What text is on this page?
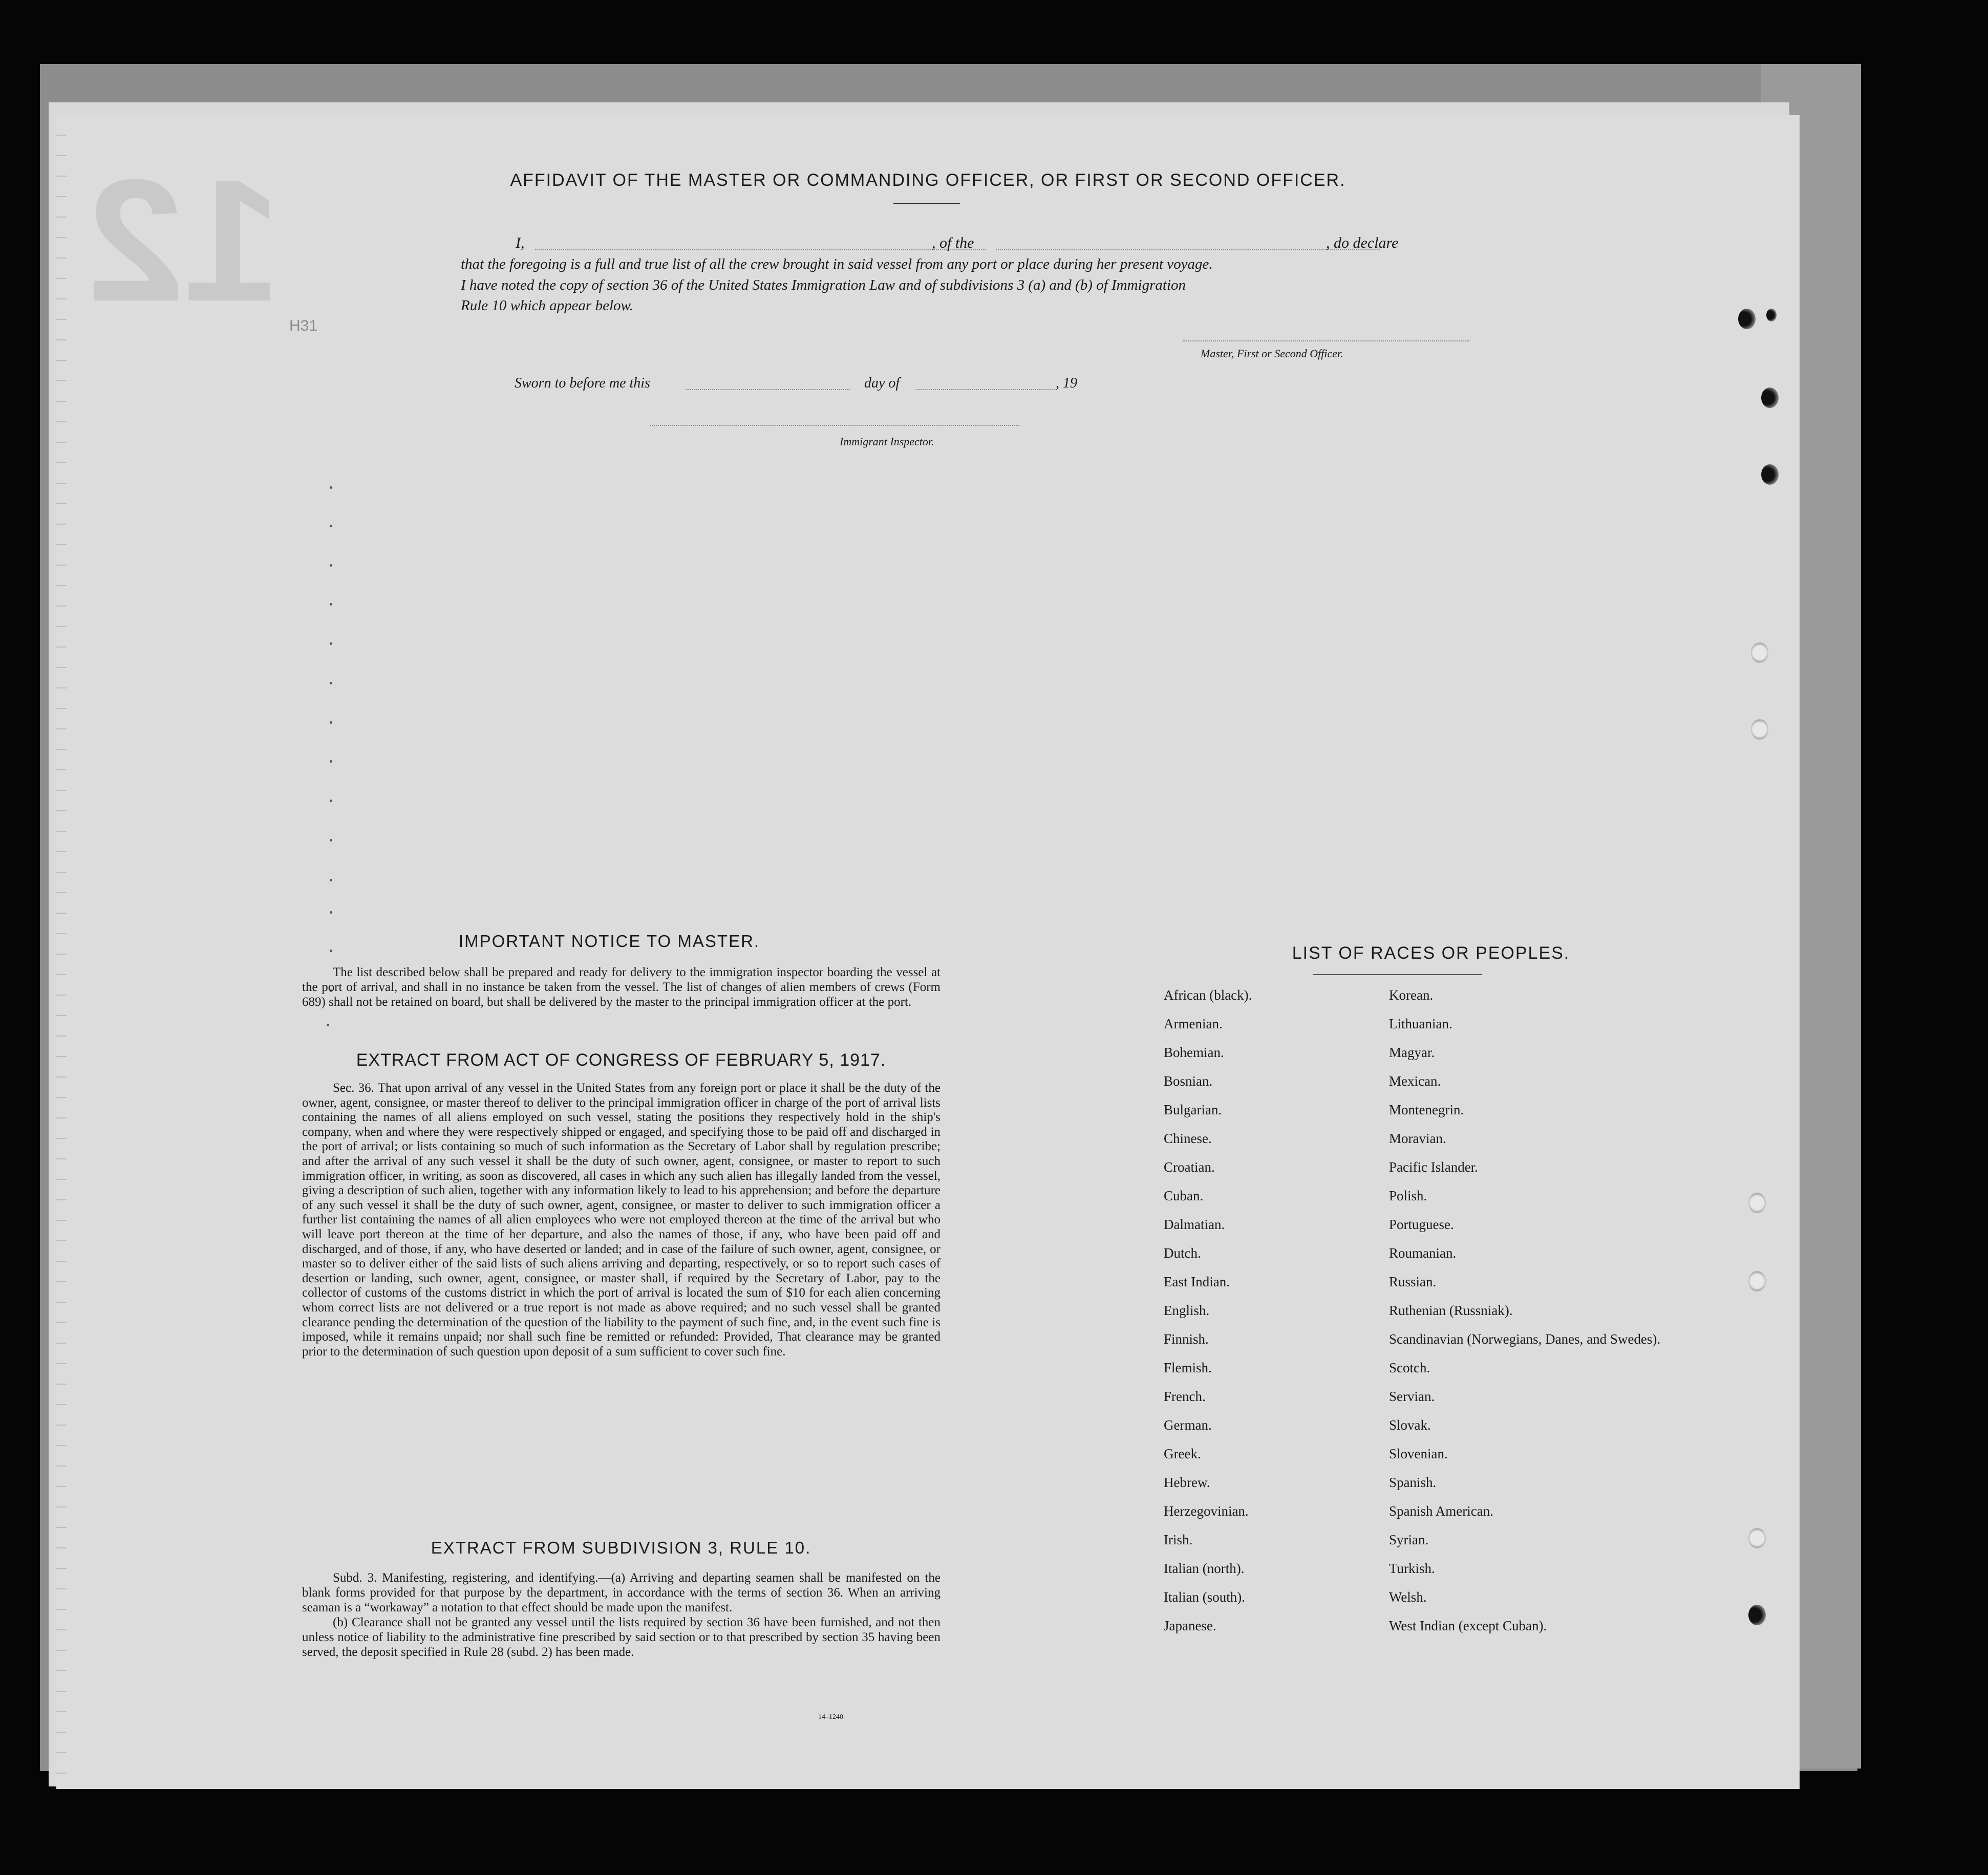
12 H31
AFFIDAVIT OF THE MASTER OR COMMANDING OFFICER, OR FIRST OR SECOND OFFICER.
I,	, of the	, do declare
that the foregoing is a full and true list of all the crew brought in said vessel from any port or place during her present voyage.
I have noted the copy of section 36 of the United States Immigration Law and of subdivisions 3 (a) and (b) of Immigration
Rule 10 which appear below.
Master, First or Second Officer.
Sworn to before me this	day of	, 19
Immigrant Inspector.
IMPORTANT NOTICE TO MASTER.

The list described below shall be prepared and ready for delivery to the immigration inspector boarding the vessel at the port of arrival, and shall in no instance be taken from the vessel. The list of changes of alien members of crews (Form 689) shall not be retained on board, but shall be delivered by the master to the principal immigration officer at the port.

EXTRACT FROM ACT OF CONGRESS OF FEBRUARY 5, 1917.

Sec. 36. That upon arrival of any vessel in the United States from any foreign port or place it shall be the duty of the owner, agent, consignee, or master thereof to deliver to the principal immigration officer in charge of the port of arrival lists containing the names of all aliens employed on such vessel, stating the positions they respectively hold in the ship's company, when and where they were respectively shipped or engaged, and specifying those to be paid off and discharged in the port of arrival; or lists containing so much of such information as the Secretary of Labor shall by regulation prescribe; and after the arrival of any such vessel it shall be the duty of such owner, agent, consignee, or master to report to such immigration officer, in writing, as soon as discovered, all cases in which any such alien has illegally landed from the vessel, giving a description of such alien, together with any information likely to lead to his apprehension; and before the departure of any such vessel it shall be the duty of such owner, agent, consignee, or master to deliver to such immigration officer a further list containing the names of all alien employees who were not employed thereon at the time of the arrival but who will leave port thereon at the time of her departure, and also the names of those, if any, who have been paid off and discharged, and of those, if any, who have deserted or landed; and in case of the failure of such owner, agent, consignee, or master so to deliver either of the said lists of such aliens arriving and departing, respectively, or so to report such cases of desertion or landing, such owner, agent, consignee, or master shall, if required by the Secretary of Labor, pay to the collector of customs of the customs district in which the port of arrival is located the sum of $10 for each alien concerning whom correct lists are not delivered or a true report is not made as above required; and no such vessel shall be granted clearance pending the determination of the question of the liability to the payment of such fine, and, in the event such fine is imposed, while it remains unpaid; nor shall such fine be remitted or refunded: Provided, That clearance may be granted prior to the determination of such question upon deposit of a sum sufficient to cover such fine.

EXTRACT FROM SUBDIVISION 3, RULE 10.

Subd. 3. Manifesting, registering, and identifying.—(a) Arriving and departing seamen shall be manifested on the blank forms provided for that purpose by the department, in accordance with the terms of section 36. When an arriving seaman is a “workaway” a notation to that effect should be made upon the manifest.

(b) Clearance shall not be granted any vessel until the lists required by section 36 have been furnished, and not then unless notice of liability to the administrative fine prescribed by said section or to that prescribed by section 35 having been served, the deposit specified in Rule 28 (subd. 2) has been made.

14–1240
LIST OF RACES OR PEOPLES.
African (black).	Korean.
Armenian.	Lithuanian.
Bohemian.	Magyar.
Bosnian.	Mexican.
Bulgarian.	Montenegrin.
Chinese.	Moravian.
Croatian.	Pacific Islander.
Cuban.	Polish.
Dalmatian.	Portuguese.
Dutch.	Roumanian.
East Indian.	Russian.
English.	Ruthenian (Russniak).
Finnish.	Scandinavian (Norwegians, Danes, and Swedes).
Flemish.	Scotch.
French.	Servian.
German.	Slovak.
Greek.	Slovenian.
Hebrew.	Spanish.
Herzegovinian.	Spanish American.
Irish.	Syrian.
Italian (north).	Turkish.
Italian (south).	Welsh.
Japanese.	West Indian (except Cuban).
